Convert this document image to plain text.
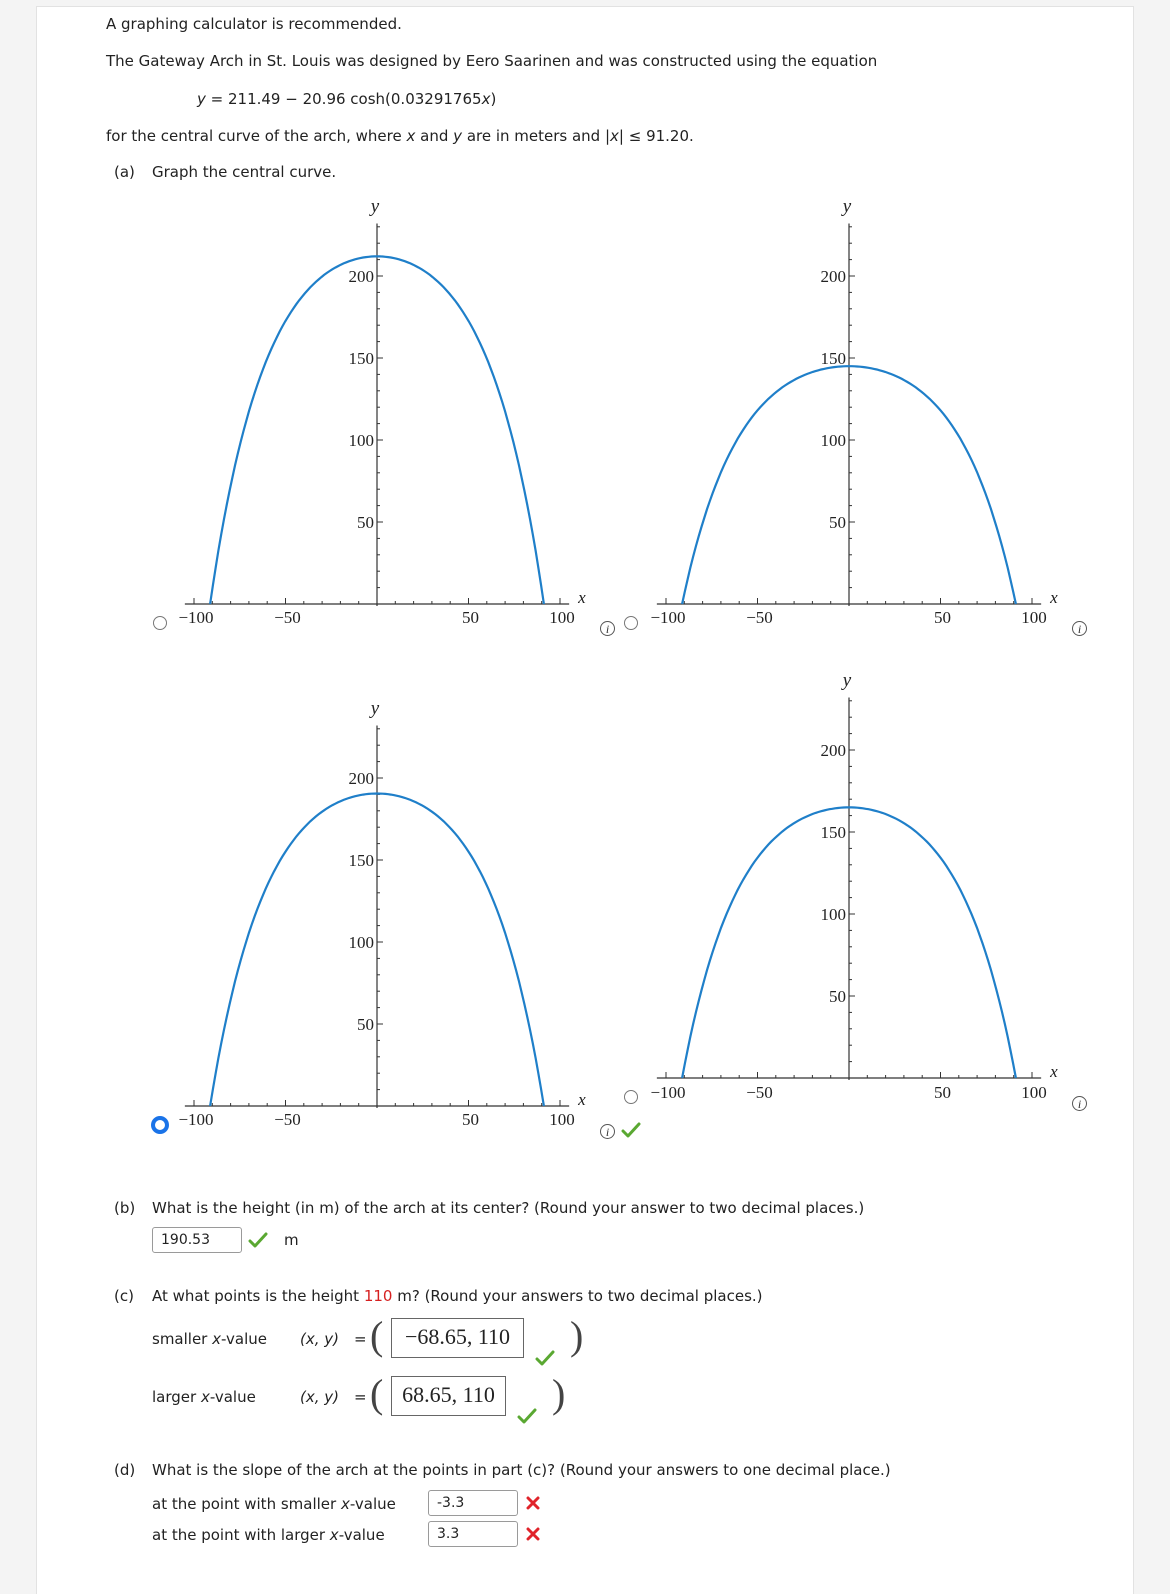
A graphing calculator is recommended.
The Gateway Arch in St. Louis was designed by Eero Saarinen and was constructed using the equation
y = 211.49 − 20.96 cosh(0.03291765x)
for the central curve of the arch, where x and y are in meters and |x| ≤ 91.20.
(a) Graph the central curve.
−100	−50	50	100
50
100
150
200
x
y
−100	−50	50	100
50
100
150
200
x
y
−100	−50	50	100
50
100
150
200
x
y
−100	−50	50	100
50
100
150
200
x
y
i	i
i
i
(b) What is the height (in m) of the arch at its center? (Round your answer to two decimal places.)
190.53	m
(c) At what points is the height 110 m? (Round your answers to two decimal places.)
smaller x-value (x, y) = ( −68.65, 110	)
larger x-value	(x, y) = ( 68.65, 110 )
(d) What is the slope of the arch at the points in part (c)? (Round your answers to one decimal place.)
at the point with smaller x-value	-3.3
at the point with larger x-value	3.3
